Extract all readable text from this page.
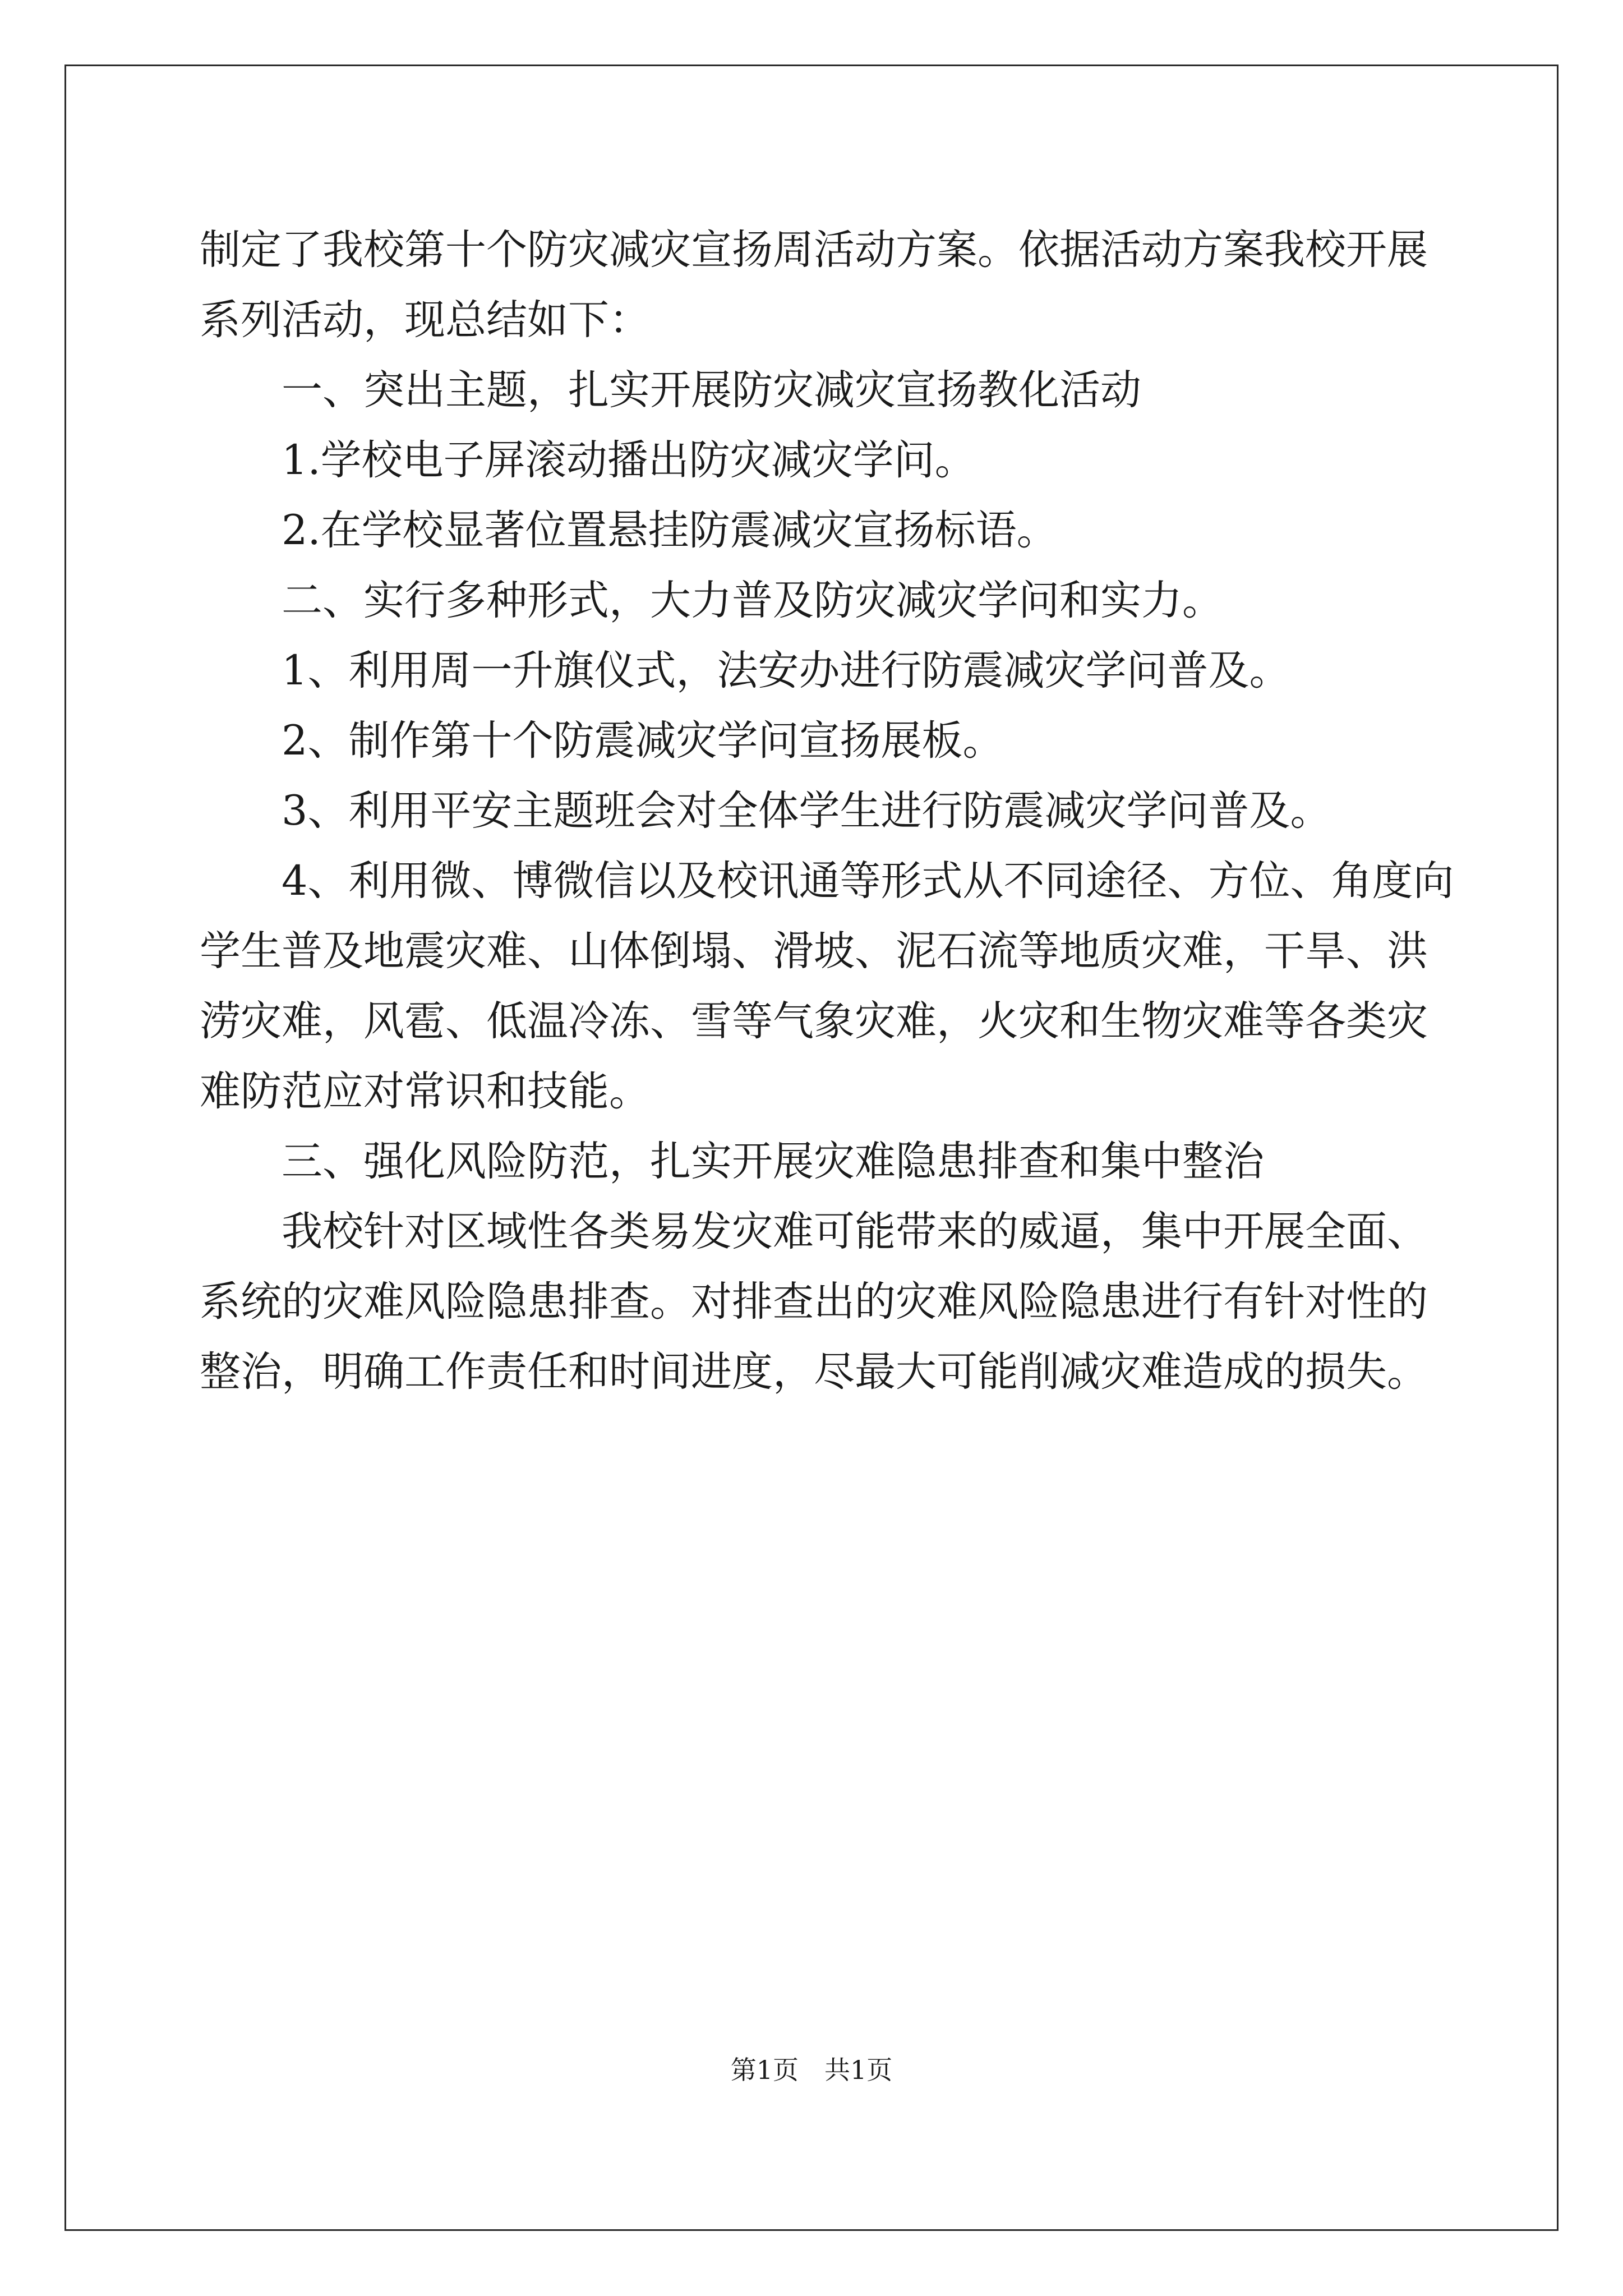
制定了我校第十个防灾减灾宣扬周活动方案。依据活动方案我校开展
系列活动，现总结如下：
一、突出主题，扎实开展防灾减灾宣扬教化活动
1.学校电子屏滚动播出防灾减灾学问。
2.在学校显著位置悬挂防震减灾宣扬标语。
二、实行多种形式，大力普及防灾减灾学问和实力。
1、利用周一升旗仪式，法安办进行防震减灾学问普及。
2、制作第十个防震减灾学问宣扬展板。
3、利用平安主题班会对全体学生进行防震减灾学问普及。
4、利用微、博微信以及校讯通等形式从不同途径、方位、角度向
学生普及地震灾难、山体倒塌、滑坡、泥石流等地质灾难，干旱、洪
涝灾难，风雹、低温冷冻、雪等气象灾难，火灾和生物灾难等各类灾
难防范应对常识和技能。
三、强化风险防范，扎实开展灾难隐患排查和集中整治
我校针对区域性各类易发灾难可能带来的威逼，集中开展全面、
系统的灾难风险隐患排查。对排查出的灾难风险隐患进行有针对性的
整治，明确工作责任和时间进度，尽最大可能削减灾难造成的损失。
第1页　共1页
